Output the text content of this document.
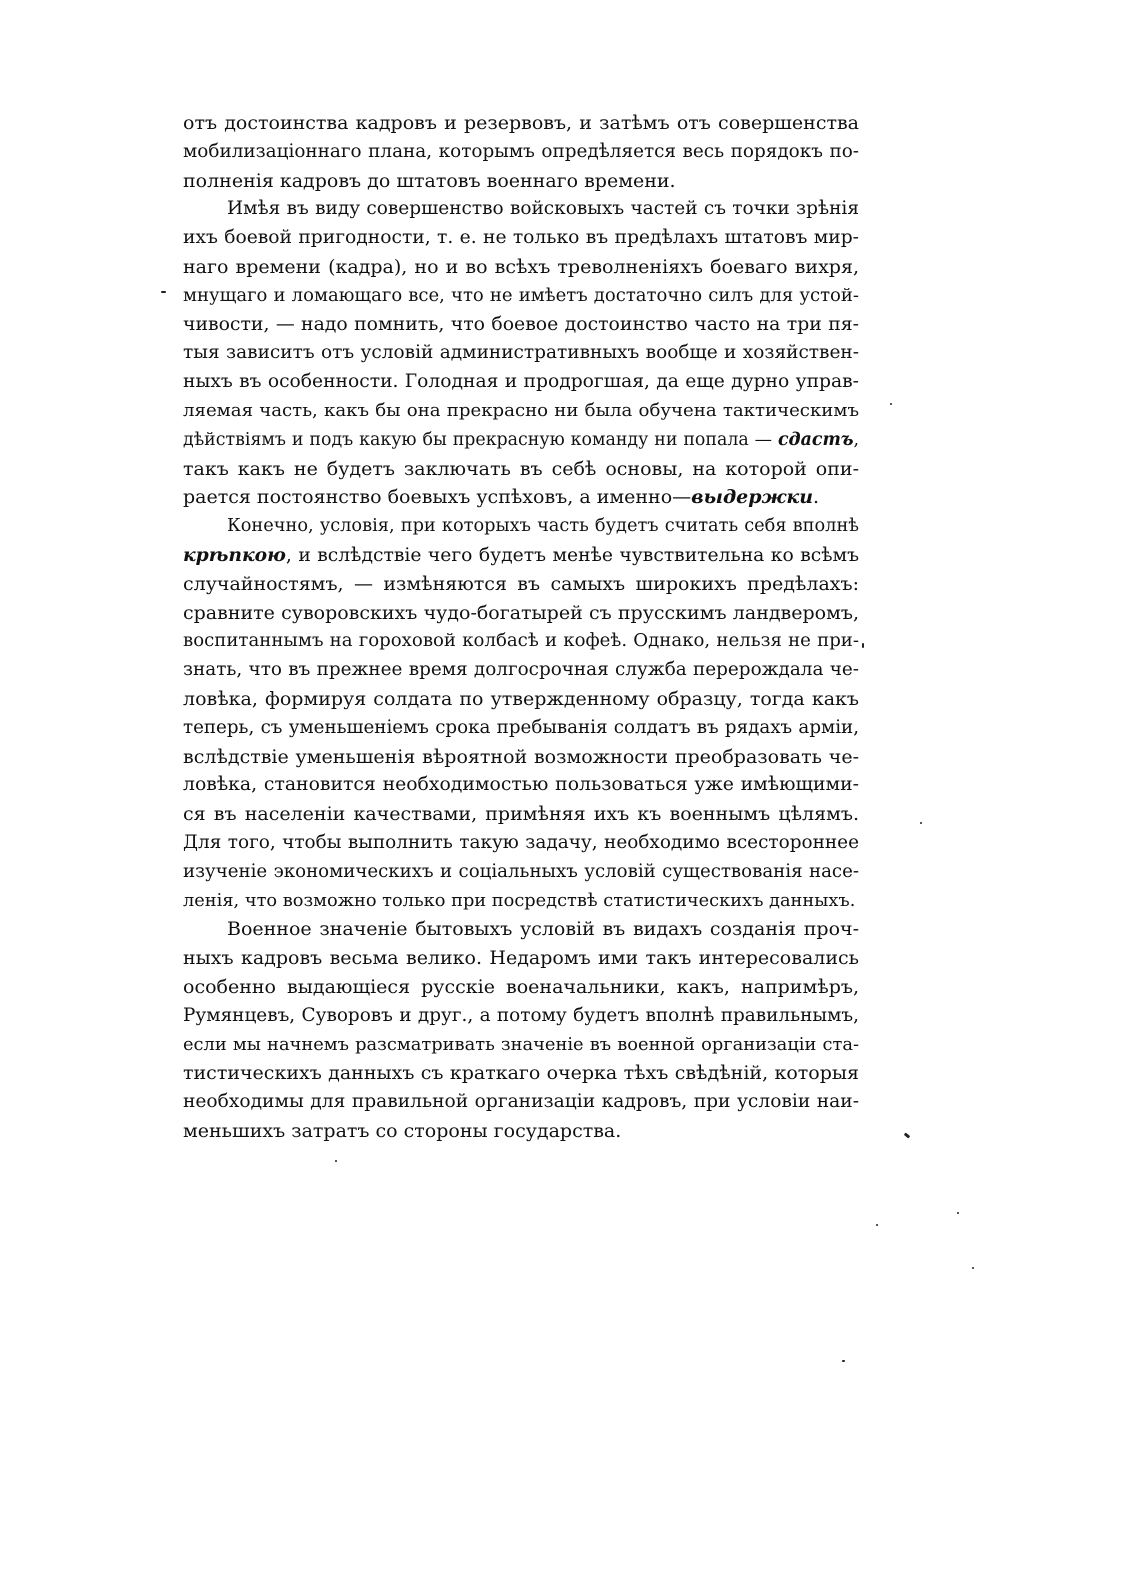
отъ достоинства кадровъ и резервовъ, и затѣмъ отъ совершенства
мобилизаціоннаго плана, которымъ опредѣляется весь порядокъ по-
полненія кадровъ до штатовъ военнаго времени.
Имѣя въ виду совершенство войсковыхъ частей съ точки зрѣнія
ихъ боевой пригодности, т. е. не только въ предѣлахъ штатовъ мир-
наго времени (кадра), но и во всѣхъ треволненіяхъ боеваго вихря,
мнущаго и ломающаго все, что не имѣетъ достаточно силъ для устой-
чивости, — надо помнить, что боевое достоинство часто на три пя-
тыя зависитъ отъ условій административныхъ вообще и хозяйствен-
ныхъ въ особенности. Голодная и продрогшая, да еще дурно управ-
ляемая часть, какъ бы она прекрасно ни была обучена тактическимъ
дѣйствіямъ и подъ какую бы прекрасную команду ни попала — сдастъ,
такъ какъ не будетъ заключать въ себѣ основы, на которой опи-
рается постоянство боевыхъ успѣховъ, а именно—выдержки.
Конечно, условія, при которыхъ часть будетъ считать себя вполнѣ
крѣпкою, и вслѣдствіе чего будетъ менѣе чувствительна ко всѣмъ
случайностямъ, — измѣняются въ самыхъ широкихъ предѣлахъ:
сравните суворовскихъ чудо-богатырей съ прусскимъ ландверомъ,
воспитаннымъ на гороховой колбасѣ и кофеѣ. Однако, нельзя не при-
знать, что въ прежнее время долгосрочная служба перерождала че-
ловѣка, формируя солдата по утвержденному образцу, тогда какъ
теперь, съ уменьшеніемъ срока пребыванія солдатъ въ рядахъ арміи,
вслѣдствіе уменьшенія вѣроятной возможности преобразовать че-
ловѣка, становится необходимостью пользоваться уже имѣющими-
ся въ населеніи качествами, примѣняя ихъ къ военнымъ цѣлямъ.
Для того, чтобы выполнить такую задачу, необходимо всестороннее
изученіе экономическихъ и соціальныхъ условій существованія насе-
ленія, что возможно только при посредствѣ статистическихъ данныхъ.
Военное значеніе бытовыхъ условій въ видахъ созданія проч-
ныхъ кадровъ весьма велико. Недаромъ ими такъ интересовались
особенно выдающіеся русскіе военачальники, какъ, напримѣръ,
Румянцевъ, Суворовъ и друг., а потому будетъ вполнѣ правильнымъ,
если мы начнемъ разсматривать значеніе въ военной организаціи ста-
тистическихъ данныхъ съ краткаго очерка тѣхъ свѣдѣній, которыя
необходимы для правильной организаціи кадровъ, при условіи наи-
меньшихъ затратъ со стороны государства.
